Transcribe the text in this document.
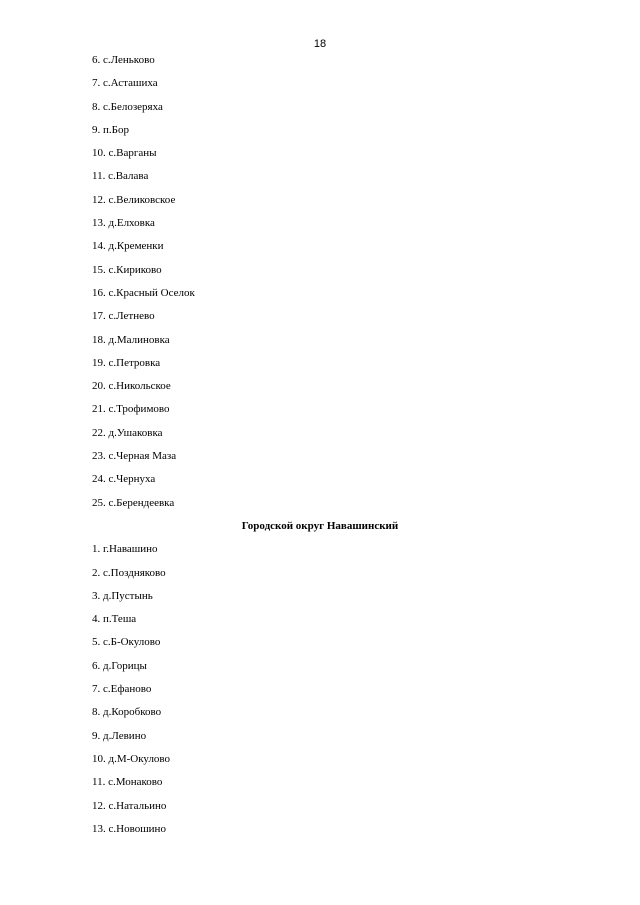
18
6. с.Леньково
7. с.Асташиха
8. с.Белозеряха
9. п.Бор
10. с.Варганы
11. с.Валава
12. с.Великовское
13. д.Елховка
14. д.Кременки
15. с.Кириково
16. с.Красный Оселок
17. с.Летнево
18. д.Малиновка
19. с.Петровка
20. с.Никольское
21. с.Трофимово
22. д.Ушаковка
23. с.Черная Маза
24. с.Чернуха
25. с.Берендеевка
Городской округ Навашинский
1. г.Навашино
2. с.Поздняково
3. д.Пустынь
4. п.Теша
5. с.Б-Окулово
6. д.Горицы
7. с.Ефаново
8. д.Коробково
9. д.Левино
10. д.М-Окулово
11. с.Монаково
12. с.Натальино
13. с.Новошино
